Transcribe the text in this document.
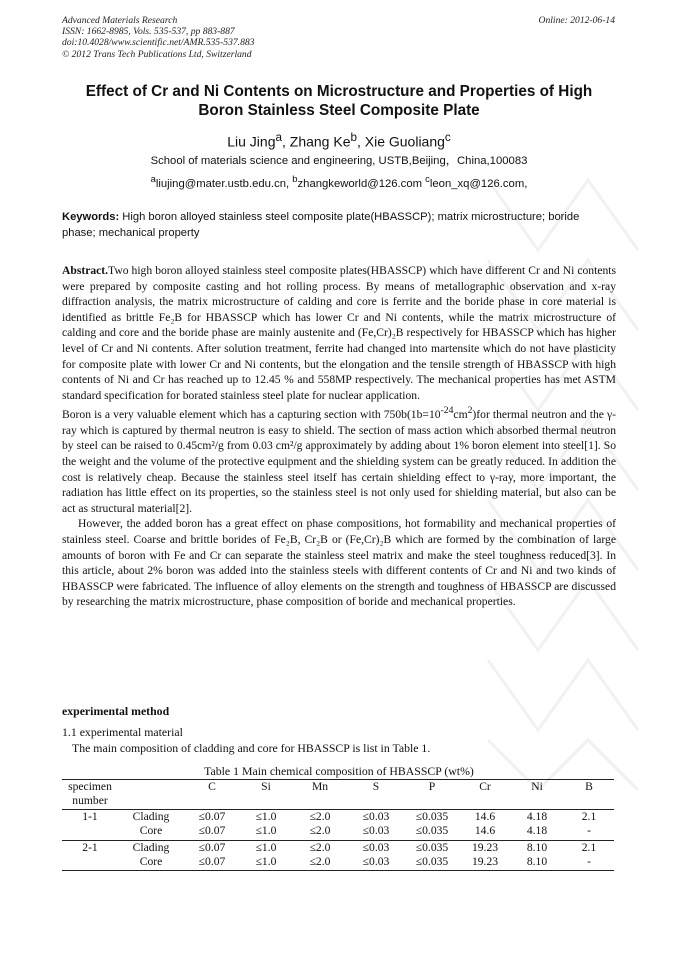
Advanced Materials Research
ISSN: 1662-8985, Vols. 535-537, pp 883-887
doi:10.4028/www.scientific.net/AMR.535-537.883
© 2012 Trans Tech Publications Ltd, Switzerland
Online: 2012-06-14
Effect of Cr and Ni Contents on Microstructure and Properties of High
Boron Stainless Steel Composite Plate
Liu Jing$^a$, Zhang Ke$^b$, Xie Guoliang$^c$
School of materials science and engineering, USTB,Beijing，China,100083
$^a$liujing@mater.ustb.edu.cn, $^b$zhangkeworld@126.com $^c$leon_xq@126.com,
Keywords: High boron alloyed stainless steel composite plate(HBASSCP); matrix microstructure; boride phase; mechanical property

Abstract.Two high boron alloyed stainless steel composite plates(HBASSCP) which have different Cr and Ni contents were prepared by composite casting and hot rolling process. By means of metallographic observation and x-ray diffraction analysis, the matrix microstructure of calding and core is ferrite and the boride phase in core material is identified as brittle Fe₂B for HBASSCP which has lower Cr and Ni contents, while the matrix microstructure of calding and core and the boride phase are mainly austenite and (Fe,Cr)₂B respectively for HBASSCP which has higher level of Cr and Ni contents. After solution treatment, ferrite had changed into martensite which do not have plasticity for composite plate with lower Cr and Ni contents, but the elongation and the tensile strength of HBASSCP with high contents of Ni and Cr has reached up to 12.45 % and 558MP respectively. The mechanical properties has met ASTM standard specification for borated stainless steel plate for nuclear application.

Boron is a very valuable element which has a capturing section with $750b(1b=10^{-24}cm^2)for$ thermal neutron and the γ-ray which is captured by thermal neutron is easy to shield. The section of mass action which absorbed thermal neutron by steel can be raised to 0.45cm²/g from 0.03 cm²/g approximately by adding about 1% boron element into steel[1]. So the weight and the volume of the protective equipment and the shielding system can be greatly reduced. In addition the cost is relatively cheap. Because the stainless steel itself has certain shielding effect to γ-ray, more important, the radiation has little effect on its properties, so the stainless steel is not only used for shielding material, but also can be act as structural material[2].

However, the added boron has a great effect on phase compositions, hot formability and mechanical properties of stainless steel. Coarse and brittle borides of Fe₂B, Cr₂B or (Fe,Cr)₂B which are formed by the combination of large amounts of boron with Fe and Cr can separate the stainless steel matrix and make the steel toughness reduced[3]. In this article, about 2% boron was added into the stainless steels with different contents of Cr and Ni and two kinds of HBASSCP were fabricated. The influence of alloy elements on the strength and toughness of HBASSCP are discussed by researching the matrix microstructure, phase composition of boride and mechanical properties.

experimental method
1.1 experimental material
The main composition of cladding and core for HBASSCP is list in Table 1.
Table 1 Main chemical composition of HBASSCP (wt%)
specimen number		C	Si	Mn	S	P	Cr	Ni	B
1-1	Clading	≤0.07	≤1.0	≤2.0	≤0.03	≤0.035	14.6	4.18	2.1
	Core	≤0.07	≤1.0	≤2.0	≤0.03	≤0.035	14.6	4.18	-
2-1	Clading	≤0.07	≤1.0	≤2.0	≤0.03	≤0.035	19.23	8.10	2.1
	Core	≤0.07	≤1.0	≤2.0	≤0.03	≤0.035	19.23	8.10	-
